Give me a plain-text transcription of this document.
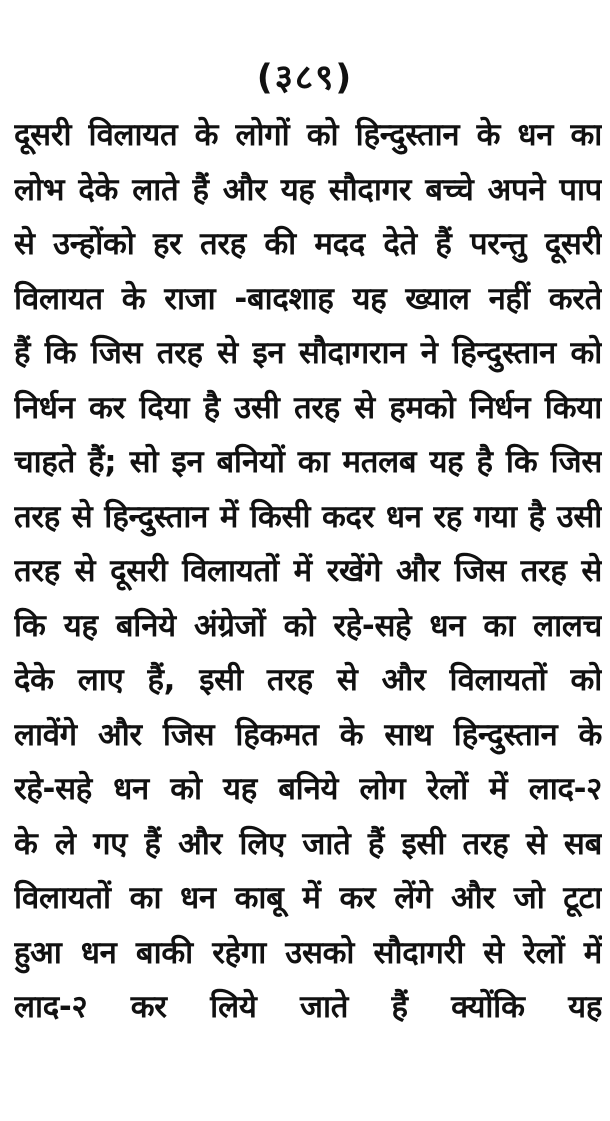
(३८९)
दूसरी विलायत के लोगों को हिन्दुस्तान के धन का
लोभ देके लाते हैं और यह सौदागर बच्चे अपने पाप
से उन्होंको हर तरह की मदद देते हैं परन्तु दूसरी
विलायत के राजा -बादशाह यह ख्याल नहीं करते
हैं कि जिस तरह से इन सौदागरान ने हिन्दुस्तान को
निर्धन कर दिया है उसी तरह से हमको निर्धन किया
चाहते हैं; सो इन बनियों का मतलब यह है कि जिस
तरह से हिन्दुस्तान में किसी कदर धन रह गया है उसी
तरह से दूसरी विलायतों में रखेंगे और जिस तरह से
कि यह बनिये अंग्रेजों को रहे-सहे धन का लालच
देके लाए हैं, इसी तरह से और विलायतों को
लावेंगे और जिस हिकमत के साथ हिन्दुस्तान के
रहे-सहे धन को यह बनिये लोग रेलों में लाद-२
के ले गए हैं और लिए जाते हैं इसी तरह से सब
विलायतों का धन काबू में कर लेंगे और जो टूटा
हुआ धन बाकी रहेगा उसको सौदागरी से रेलों में
लाद-२ कर लिये जाते हैं क्योंकि यह
